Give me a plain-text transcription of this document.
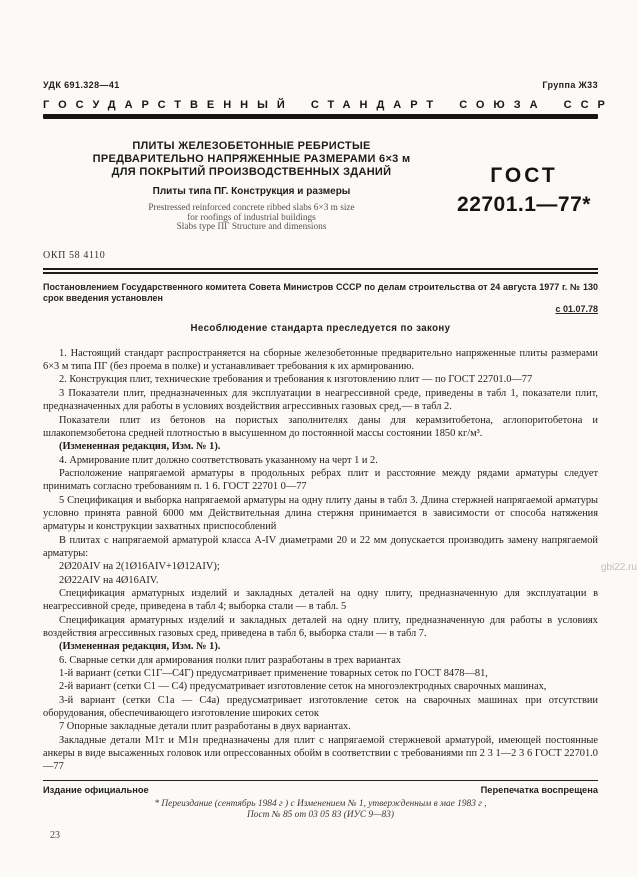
УДК 691.328—41	Группа Ж33
ГОСУДАРСТВЕННЫЙ СТАНДАРТ СОЮЗА ССР
ПЛИТЫ ЖЕЛЕЗОБЕТОННЫЕ РЕБРИСТЫЕ
ПРЕДВАРИТЕЛЬНО НАПРЯЖЕННЫЕ РАЗМЕРАМИ 6×3 м
ДЛЯ ПОКРЫТИЙ ПРОИЗВОДСТВЕННЫХ ЗДАНИЙ
Плиты типа ПГ. Конструкция и размеры
Prestressed reinforced concrete ribbed slabs 6×3 m size
for roofings of industrial buildings
Slabs type ПГ Structure and dimensions
ГОСТ
22701.1—77*
ОКП 58 4110
Постановлением Государственного комитета Совета Министров СССР по делам строительства от 24 августа 1977 г. № 130 срок введения установлен
с 01.07.78
Несоблюдение стандарта преследуется по закону

1. Настоящий стандарт распространяется на сборные железобетонные предварительно напряженные плиты размерами 6×3 м типа ПГ (без проема в полке) и устанавливает требования к их армированию.

2. Конструкция плит, технические требования и требования к изготовлению плит — по ГОСТ 22701.0—77

3 Показатели плит, предназначенных для эксплуатации в неагрессивной среде, приведены в табл 1, показатели плит, предназначенных для работы в условиях воздействия агрессивных газовых сред,— в табл 2.

Показатели плит из бетонов на пористых заполнителях даны для керамзитобетона, аглопоритобетона и шлакопемзобетона средней плотностью в высушенном до постоянной массы состоянии 1850 кг/м³.

(Измененная редакция, Изм. № 1).

4. Армирование плит должно соответствовать указанному на черт 1 и 2.

Расположение напрягаемой арматуры в продольных ребрах плит и расстояние между рядами арматуры следует принимать согласно требованиям п. 1 6. ГОСТ 22701 0—77

5 Спецификация и выборка напрягаемой арматуры на одну плиту даны в табл 3. Длина стержней напрягаемой арматуры условно принята равной 6000 мм Действительная длина стержня принимается в зависимости от способа натяжения арматуры и конструкции захватных приспособлений

В плитах с напрягаемой арматурой класса А-IV диаметрами 20 и 22 мм допускается производить замену напрягаемой арматуры:

2Ø20АIV на 2(1Ø16АIV+1Ø12АIV);

2Ø22АIV на 4Ø16АIV.

Спецификация арматурных изделий и закладных деталей на одну плиту, предназначенную для эксплуатации в неагрессивной среде, приведена в табл 4; выборка стали — в табл. 5

Спецификация арматурных изделий и закладных деталей на одну плиту, предназначенную для работы в условиях воздействия агрессивных газовых сред, приведена в табл 6, выборка стали — в табл 7.

(Измененная редакция, Изм. № 1).

6. Сварные сетки для армирования полки плит разработаны в трех вариантах

1-й вариант (сетки С1Г—С4Г) предусматривает применение товарных сеток по ГОСТ 8478—81,

2-й вариант (сетки С1 — С4) предусматривает изготовление сеток на многоэлектродных сварочных машинах,

3-й вариант (сетки С1а — С4а) предусматривает изготовление сеток на сварочных машинах при отсутствии оборудования, обеспечивающего изготовление широких сеток

7 Опорные закладные детали плит разработаны в двух вариантах.

Закладные детали М1т и М1н предназначены для плит с напрягаемой стержневой арматурой, имеющей постоянные анкеры в виде высаженных головок или опрессованных обойм в соответствии с требованиями пп 2 3 1—2 3 6 ГОСТ 22701.0—77

Издание официальное	Перепечатка воспрещена
* Переиздание (сентябрь 1984 г ) с Изменением № 1, утвержденным в мае 1983 г ,
Пост № 85 от 03 05 83 (ИУС 9—83)
23
gbi22.ru
